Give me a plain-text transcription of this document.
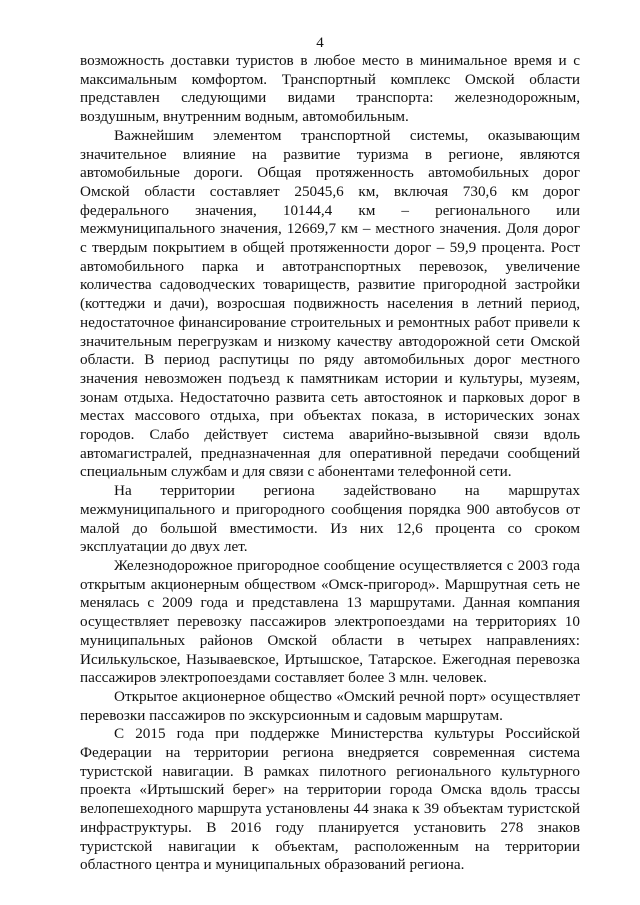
4

возможность доставки туристов в любое место в минимальное время и с максимальным комфортом. Транспортный комплекс Омской области представлен следующими видами транспорта: железнодорожным, воздушным, внутренним водным, автомобильным.

Важнейшим элементом транспортной системы, оказывающим значительное влияние на развитие туризма в регионе, являются автомобильные дороги. Общая протяженность автомобильных дорог Омской области составляет 25045,6 км, включая 730,6 км дорог федерального значения, 10144,4 км – регионального или межмуниципального значения, 12669,7 км – местного значения. Доля дорог с твердым покрытием в общей протяженности дорог – 59,9 процента. Рост автомобильного парка и автотранспортных перевозок, увеличение количества садоводческих товариществ, развитие пригородной застройки (коттеджи и дачи), возросшая подвижность населения в летний период, недостаточное финансирование строительных и ремонтных работ привели к значительным перегрузкам и низкому качеству автодорожной сети Омской области. В период распутицы по ряду автомобильных дорог местного значения невозможен подъезд к памятникам истории и культуры, музеям, зонам отдыха. Недостаточно развита сеть автостоянок и парковых дорог в местах массового отдыха, при объектах показа, в исторических зонах городов. Слабо действует система аварийно-вызывной связи вдоль автомагистралей, предназначенная для оперативной передачи сообщений специальным службам и для связи с абонентами телефонной сети.

На территории региона задействовано на маршрутах межмуниципального и пригородного сообщения порядка 900 автобусов от малой до большой вместимости. Из них 12,6 процента со сроком эксплуатации до двух лет.

Железнодорожное пригородное сообщение осуществляется с 2003 года открытым акционерным обществом «Омск-пригород». Маршрутная сеть не менялась с 2009 года и представлена 13 маршрутами. Данная компания осуществляет перевозку пассажиров электропоездами на территориях 10 муниципальных районов Омской области в четырех направлениях: Исилькульское, Называевское, Иртышское, Татарское. Ежегодная перевозка пассажиров электропоездами составляет более 3 млн. человек.

Открытое акционерное общество «Омский речной порт» осуществляет перевозки пассажиров по экскурсионным и садовым маршрутам.

С 2015 года при поддержке Министерства культуры Российской Федерации на территории региона внедряется современная система туристской навигации. В рамках пилотного регионального культурного проекта «Иртышский берег» на территории города Омска вдоль трассы велопешеходного маршрута установлены 44 знака к 39 объектам туристской инфраструктуры. В 2016 году планируется установить 278 знаков туристской навигации к объектам, расположенным на территории областного центра и муниципальных образований региона.
